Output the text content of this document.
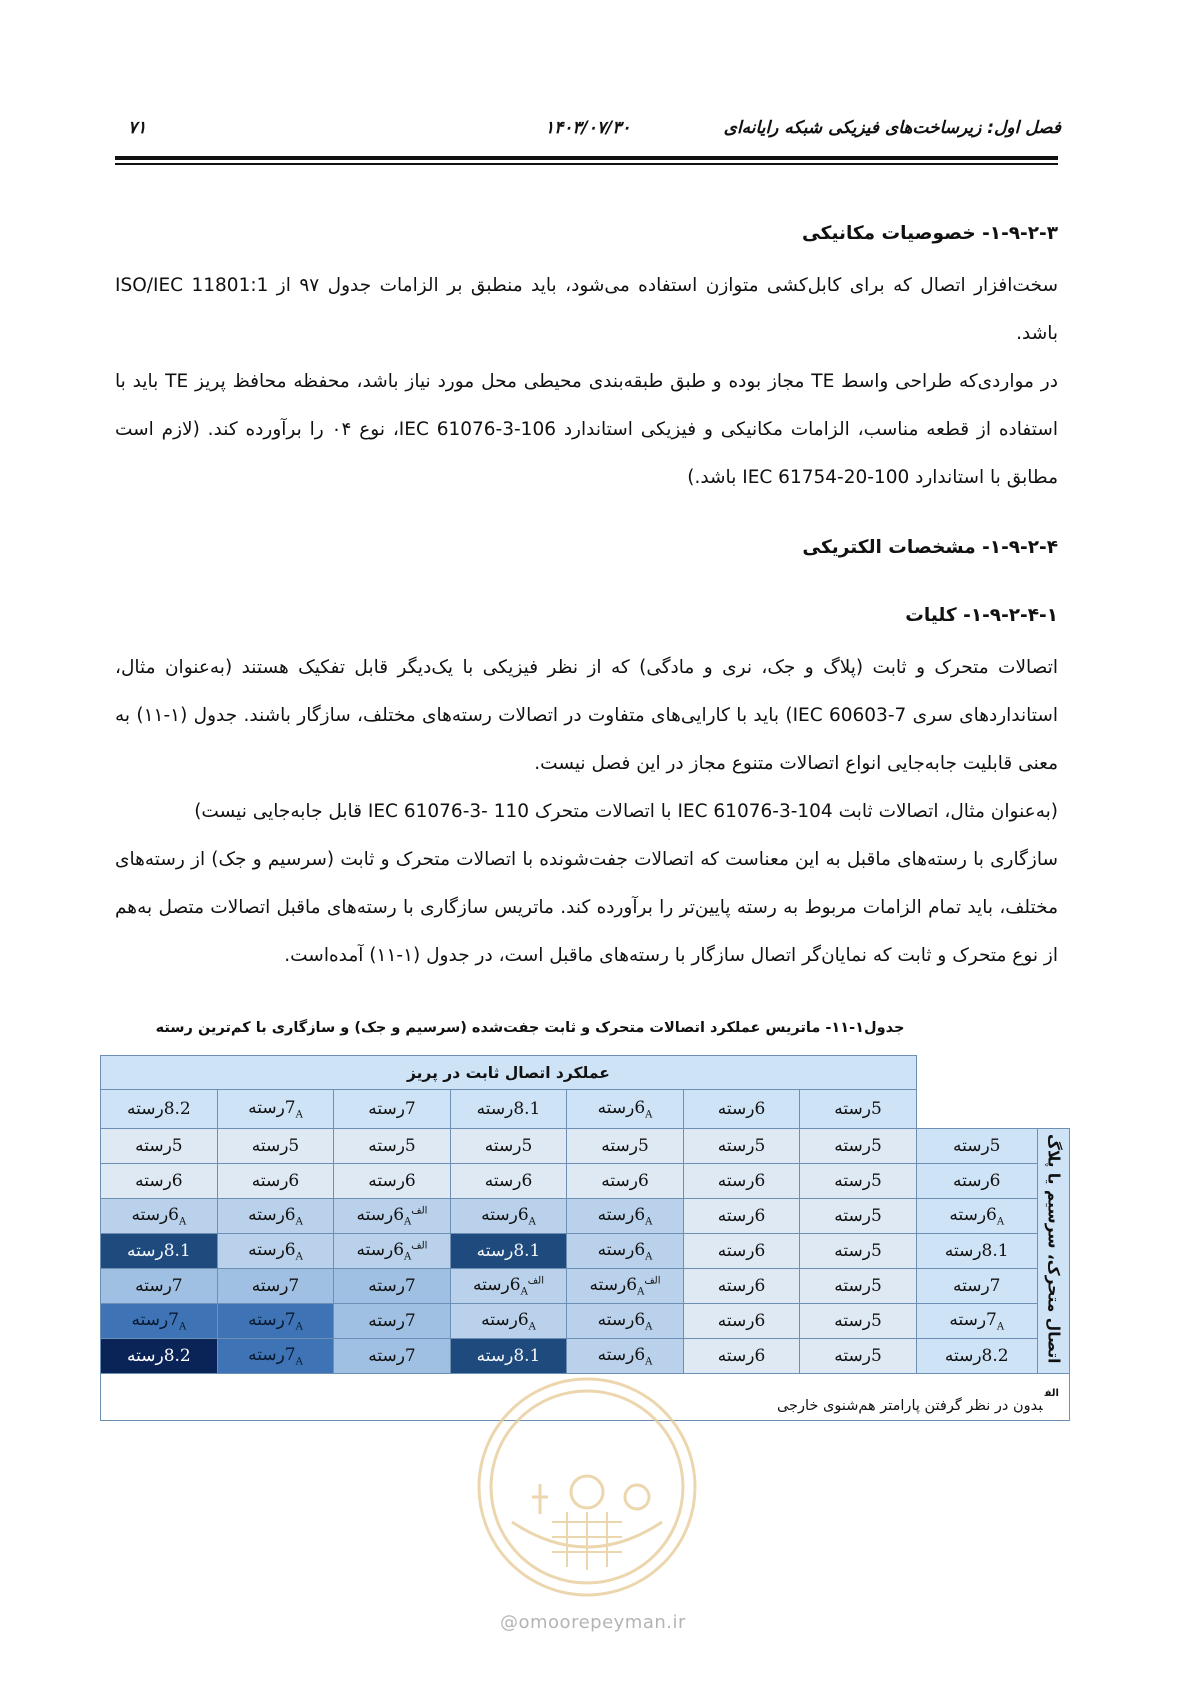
فصل اول: زیرساخت‌های فیزیکی شبکه رایانه‌ای
۱۴۰۳/۰۷/۳۰
۷۱
۱-۹-۲-۳- خصوصیات مکانیکی

سخت‌افزار اتصال که برای کابل‌کشی متوازن استفاده می‌شود، باید منطبق بر الزامات جدول ۹۷ از ISO/IEC 11801:1 باشد.

در مواردی‌که طراحی واسط TE مجاز بوده و طبق طبقه‌بندی محیطی محل مورد نیاز باشد، محفظه محافظ پریز TE باید با استفاده از قطعه مناسب، الزامات مکانیکی و فیزیکی استاندارد IEC 61076-3-106، نوع ۰۴ را برآورده کند. (لازم است مطابق با استاندارد IEC 61754-20-100 باشد.)

۱-۹-۲-۴- مشخصات الکتریکی
۱-۹-۲-۴-۱- کلیات

اتصالات متحرک و ثابت (پلاگ و جک، نری و مادگی) که از نظر فیزیکی با یک‌دیگر قابل تفکیک هستند (به‌عنوان مثال، استانداردهای سری IEC 60603-7) باید با کارایی‌های متفاوت در اتصالات رسته‌های مختلف، سازگار باشند. جدول (۱-۱۱) به معنی قابلیت جابه‌جایی انواع اتصالات متنوع مجاز در این فصل نیست.

(به‌عنوان مثال، اتصالات ثابت IEC 61076-3-104 با اتصالات متحرک IEC 61076-3- 110 قابل جابه‌جایی نیست)

سازگاری با رسته‌های ماقبل به این معناست که اتصالات جفت‌شونده با اتصالات متحرک و ثابت (سرسیم و جک) از رسته‌های مختلف، باید تمام الزامات مربوط به رسته پایین‌تر را برآورده کند. ماتریس سازگاری با رسته‌های ماقبل اتصالات متصل به‌هم از نوع متحرک و ثابت که نمایان‌گر اتصال سازگار با رسته‌های ماقبل است، در جدول (۱-۱۱) آمده‌است.

جدول۱-۱۱- ماتریس عملکرد اتصالات متحرک و ثابت جفت‌شده (سرسیم و جک) و سازگاری با کم‌ترین رسته
		عملکرد اتصال ثابت در پریز						
		5رسته	6رسته	$6_Aرسته$	8.1رسته	7رسته	$7_Aرسته$	8.2رسته
اتصال متحرک، سرسیم یا پلاگ	5رسته	5رسته	5رسته	5رسته	5رسته	5رسته	5رسته	5رسته
	6رسته	5رسته	6رسته	6رسته	6رسته	6رسته	6رسته	6رسته
	$6_Aرسته$	5رسته	6رسته	$6_Aرسته$	$6_Aرسته$	$6_A^{الف}رسته$	$6_Aرسته$	$6_Aرسته$
	8.1رسته	5رسته	6رسته	$6_Aرسته$	8.1رسته	$6_A^{الف}رسته$	$6_Aرسته$	8.1رسته
	7رسته	5رسته	6رسته	$6_A^{الف}رسته$	$6_A^{الف}رسته$	7رسته	7رسته	7رسته
	$7_Aرسته$	5رسته	6رسته	$6_Aرسته$	$6_Aرسته$	7رسته	$7_Aرسته$	$7_Aرسته$
	8.2رسته	5رسته	6رسته	$6_Aرسته$	8.1رسته	7رسته	$7_Aرسته$	8.2رسته
$^{الف}$بدون در نظر گرفتن پارامتر هم‌شنوی خارجی								
@omoorepeyman.ir
